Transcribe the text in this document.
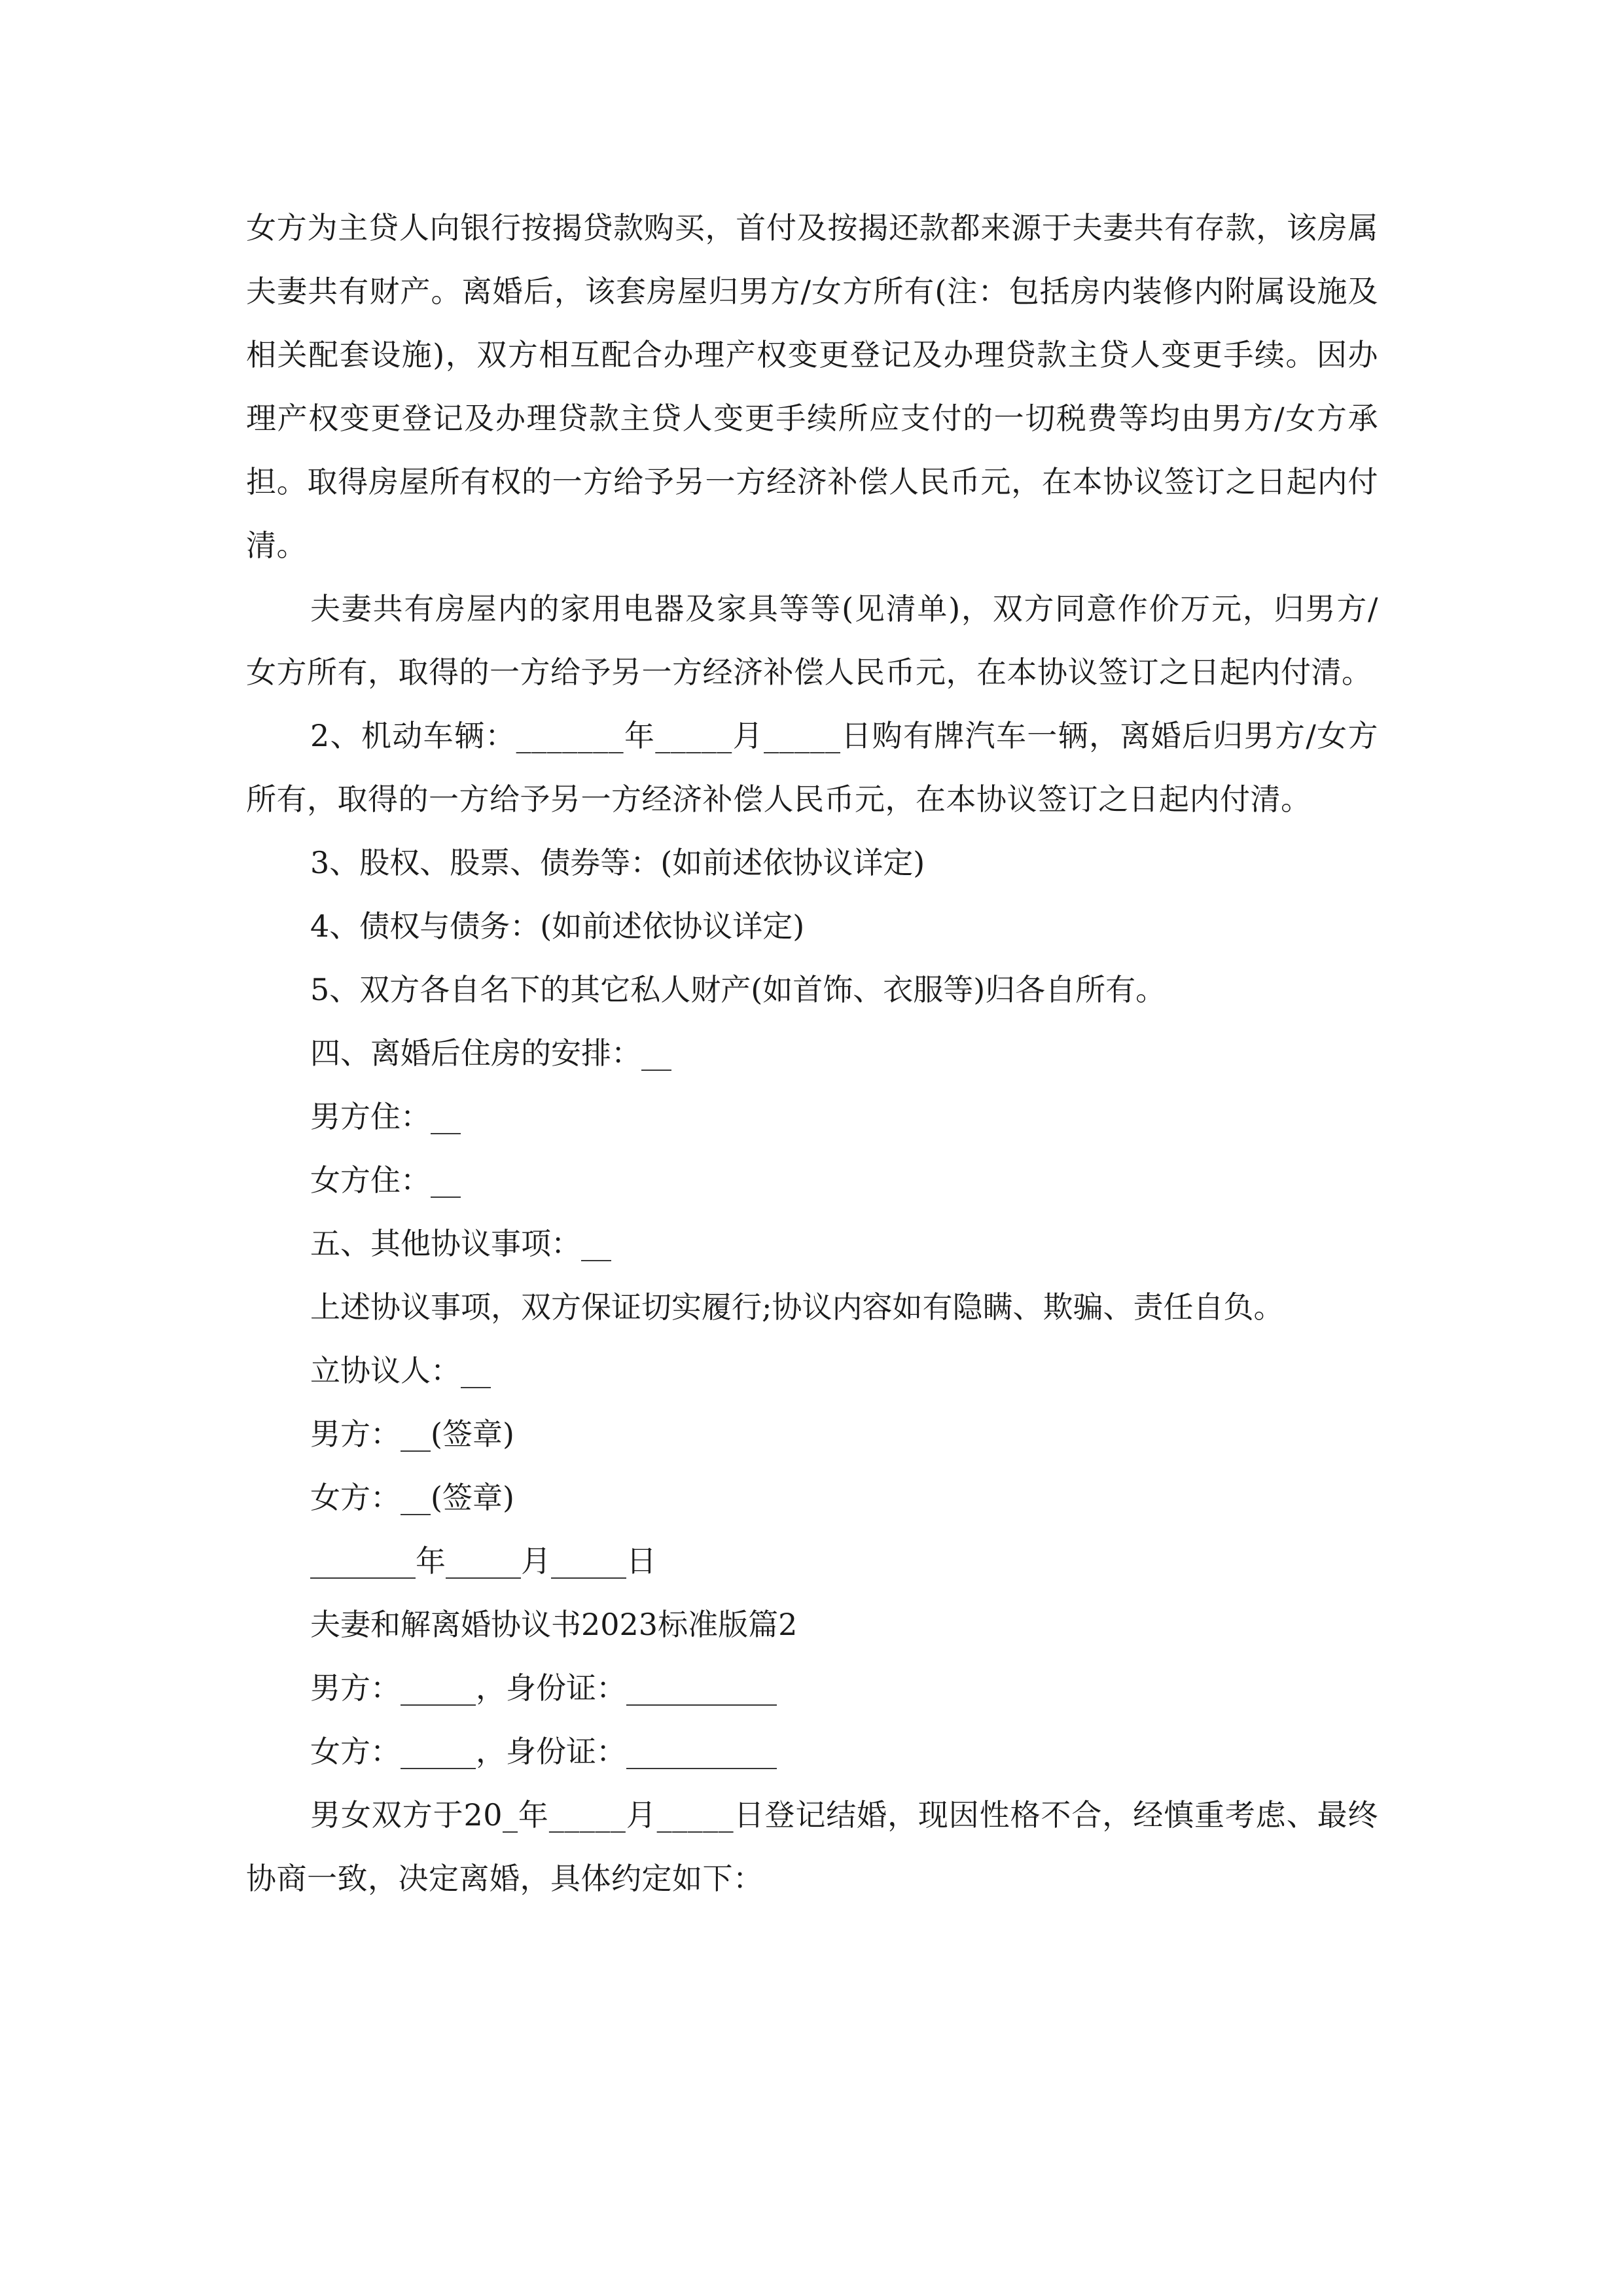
女方为主贷人向银行按揭贷款购买，首付及按揭还款都来源于夫妻共有存款，该房属夫妻共有财产。离婚后，该套房屋归男方/女方所有(注：包括房内装修内附属设施及相关配套设施)，双方相互配合办理产权变更登记及办理贷款主贷人变更手续。因办理产权变更登记及办理贷款主贷人变更手续所应支付的一切税费等均由男方/女方承担。取得房屋所有权的一方给予另一方经济补偿人民币元，在本协议签订之日起内付清。

夫妻共有房屋内的家用电器及家具等等(见清单)，双方同意作价万元，归男方/女方所有，取得的一方给予另一方经济补偿人民币元，在本协议签订之日起内付清。

2、机动车辆：_______年_____月_____日购有牌汽车一辆，离婚后归男方/女方所有，取得的一方给予另一方经济补偿人民币元，在本协议签订之日起内付清。

3、股权、股票、债券等：(如前述依协议详定)
4、债权与债务：(如前述依协议详定)
5、双方各自名下的其它私人财产(如首饰、衣服等)归各自所有。
四、离婚后住房的安排：__
男方住：__
女方住：__
五、其他协议事项：__
上述协议事项，双方保证切实履行;协议内容如有隐瞒、欺骗、责任自负。
立协议人：__
男方：__(签章)
女方：__(签章)
_______年_____月_____日
夫妻和解离婚协议书2023标准版篇2
男方：_____，身份证：__________
女方：_____，身份证：__________

男女双方于20_年_____月_____日登记结婚，现因性格不合，经慎重考虑、最终协商一致，决定离婚，具体约定如下：
